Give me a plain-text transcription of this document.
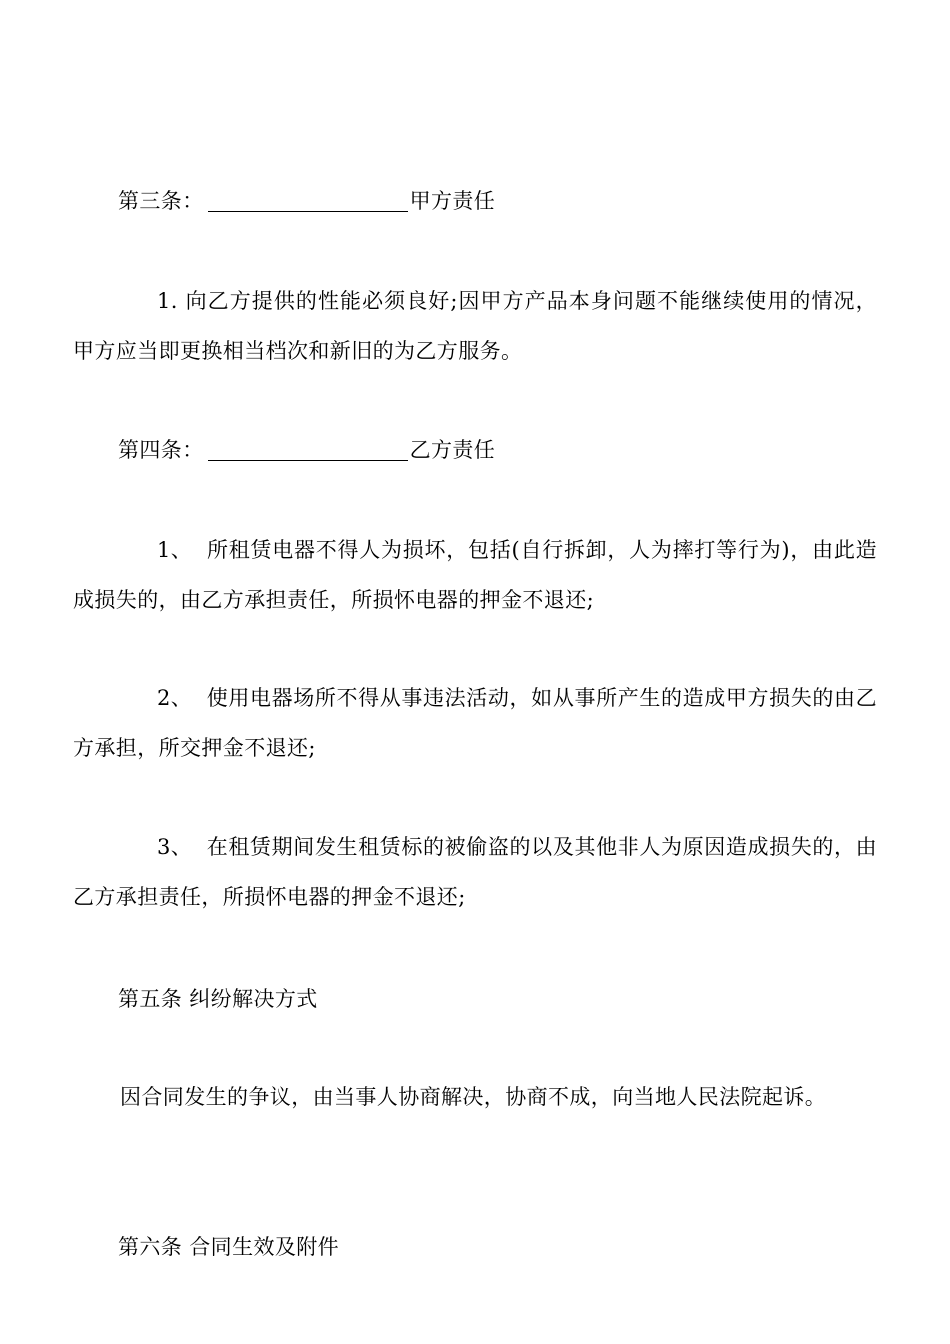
第三条：	甲方责任
1. 向乙方提供的性能必须良好;因甲方产品本身问题不能继续使用的情况，甲方应当即更换相当档次和新旧的为乙方服务。
第四条：	乙方责任
1、 所租赁电器不得人为损坏，包括(自行拆卸，人为摔打等行为)，由此造成损失的，由乙方承担责任，所损怀电器的押金不退还;
2、 使用电器场所不得从事违法活动，如从事所产生的造成甲方损失的由乙方承担，所交押金不退还;
3、 在租赁期间发生租赁标的被偷盗的以及其他非人为原因造成损失的，由乙方承担责任，所损怀电器的押金不退还;
第五条 纠纷解决方式
因合同发生的争议，由当事人协商解决，协商不成，向当地人民法院起诉。
第六条 合同生效及附件
